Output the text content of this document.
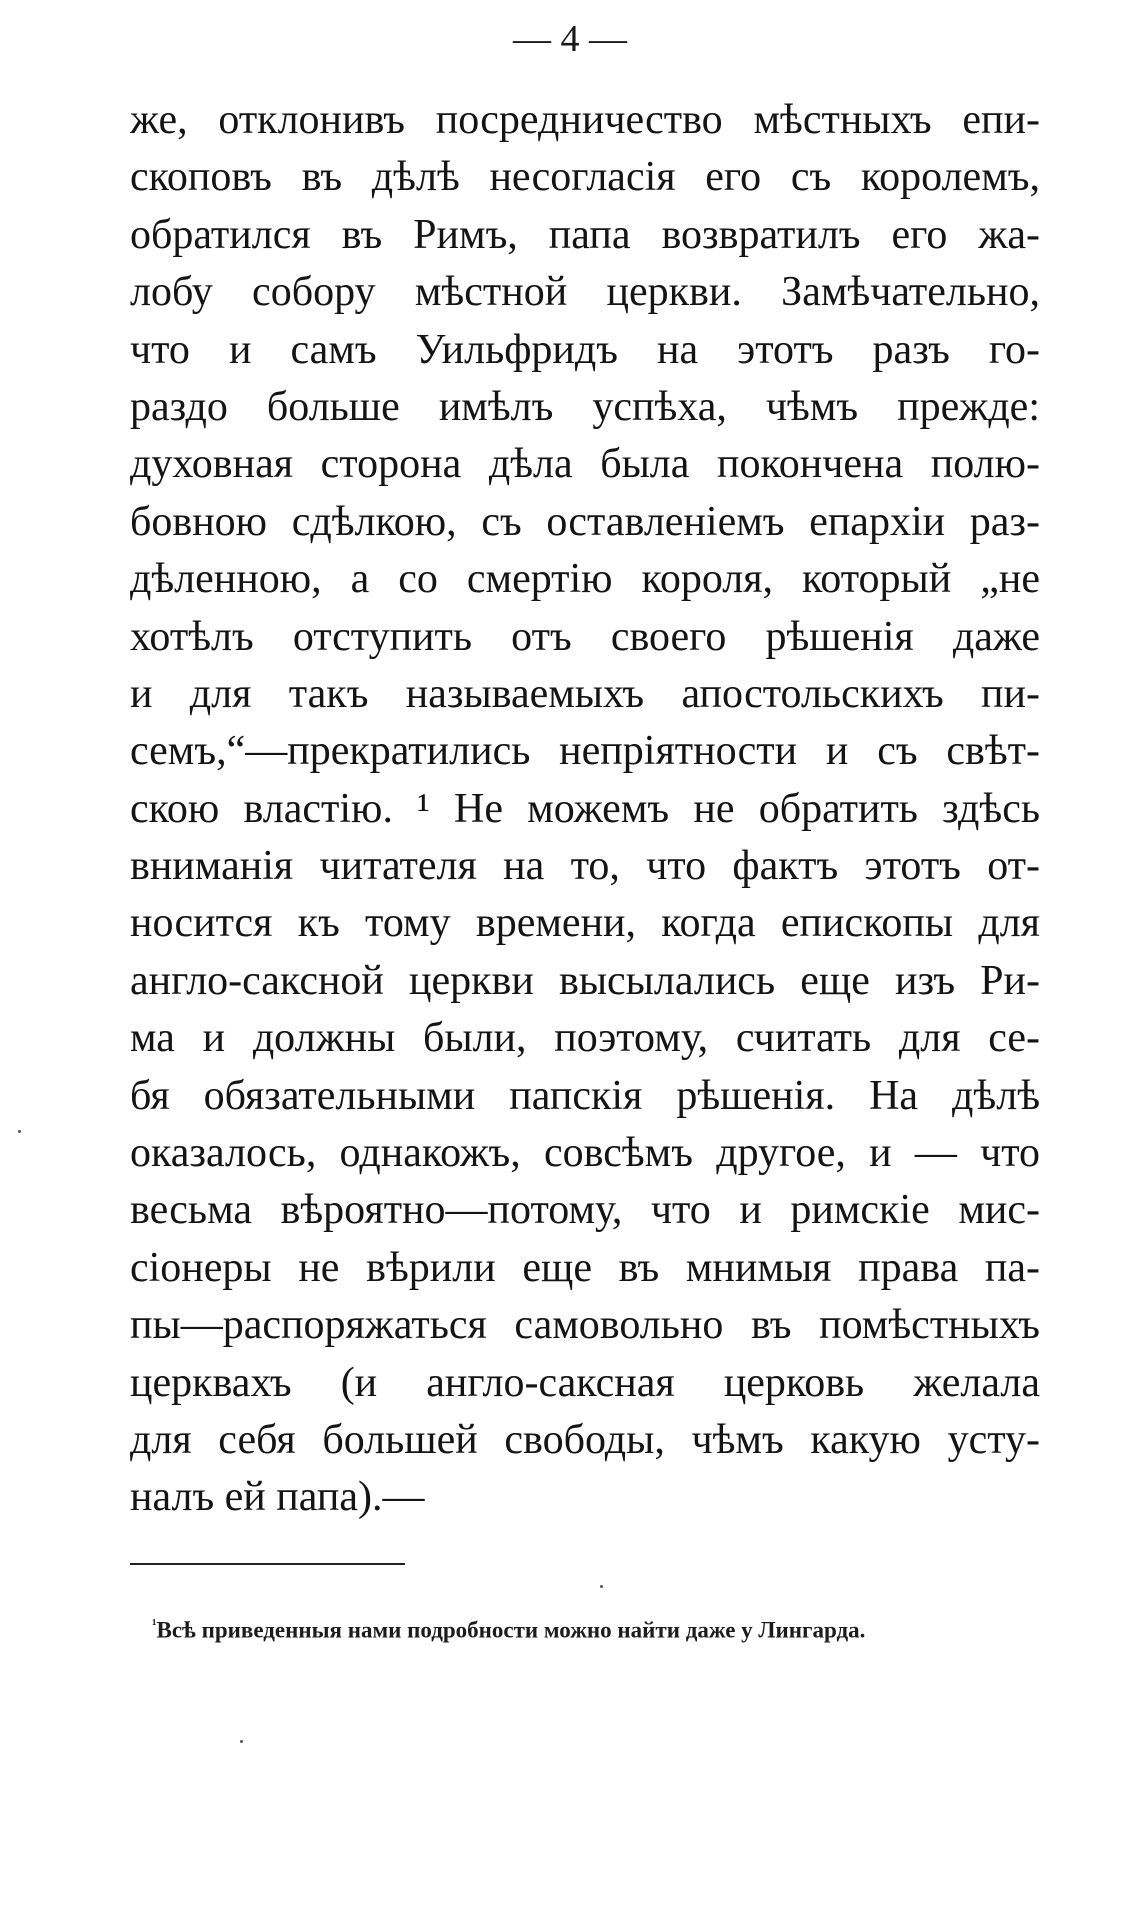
— 4 —
же, отклонивъ посредничество мѣстныхъ епи-
скоповъ въ дѣлѣ несогласія его съ королемъ,
обратился въ Римъ, папа возвратилъ его жа-
лобу собору мѣстной церкви. Замѣчательно,
что и самъ Уильфридъ на этотъ разъ го-
раздо больше имѣлъ успѣха, чѣмъ прежде:
духовная сторона дѣла была покончена полю-
бовною сдѣлкою, съ оставленіемъ епархіи раз-
дѣленною, а со смертію короля, который „не
хотѣлъ отступить отъ своего рѣшенія даже
и для такъ называемыхъ апостольскихъ пи-
семъ,“—прекратились непріятности и съ свѣт-
скою властію. ¹ Не можемъ не обратить здѣсь
вниманія читателя на то, что фактъ этотъ от-
носится къ тому времени, когда епископы для
англо-саксной церкви высылались еще изъ Ри-
ма и должны были, поэтому, считать для се-
бя обязательными папскія рѣшенія. На дѣлѣ
оказалось, однакожъ, совсѣмъ другое, и — что
весьма вѣроятно—потому, что и римскіе мис-
сіонеры не вѣрили еще въ мнимыя права па-
пы—распоряжаться самовольно въ помѣстныхъ
церквахъ (и англо-саксная церковь желала
для себя большей свободы, чѣмъ какую усту-
налъ ей папа).—
$^{^1}$Всѣ приведенныя нами подробности можно найти даже у Лингарда.
